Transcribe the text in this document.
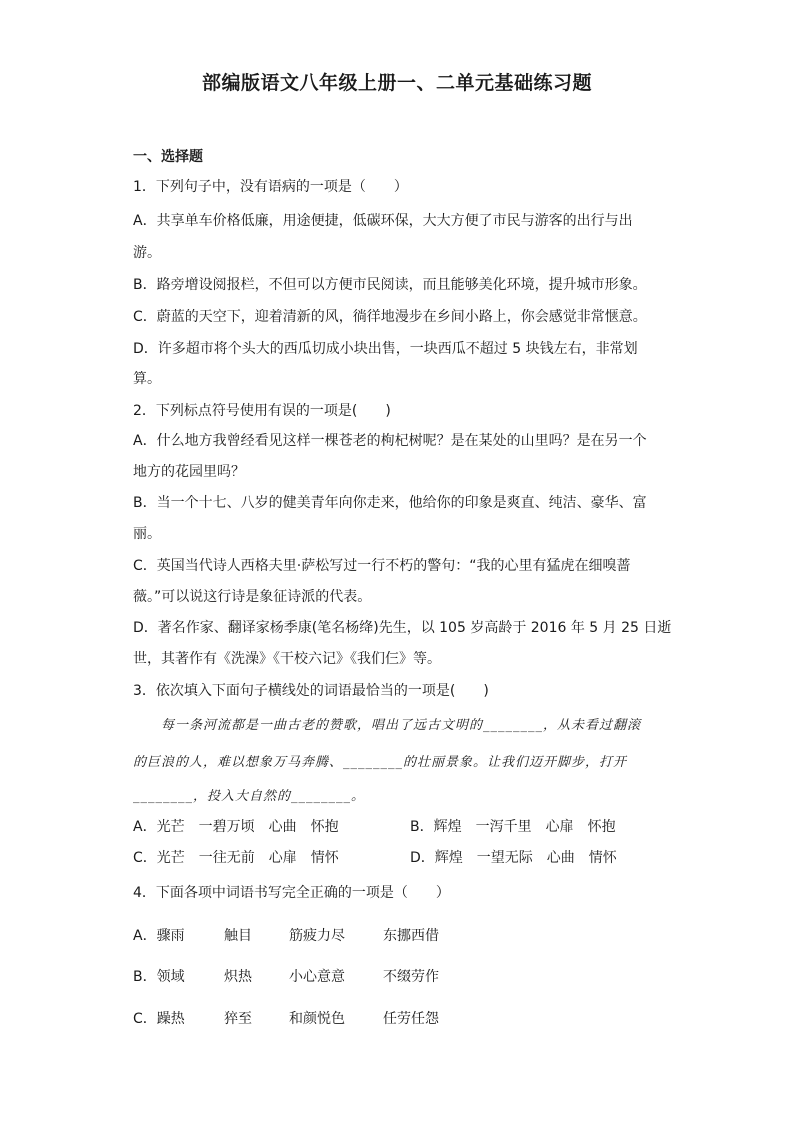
部编版语文八年级上册一、二单元基础练习题
一、选择题
1．下列句子中，没有语病的一项是（　　）
A．共享单车价格低廉，用途便捷，低碳环保，大大方便了市民与游客的出行与出
游。
B．路旁增设阅报栏，不但可以方便市民阅读，而且能够美化环境，提升城市形象。
C．蔚蓝的天空下，迎着清新的风，徜徉地漫步在乡间小路上，你会感觉非常惬意。
D．许多超市将个头大的西瓜切成小块出售，一块西瓜不超过 5 块钱左右，非常划
算。
2．下列标点符号使用有误的一项是(　　)
A．什么地方我曾经看见这样一棵苍老的枸杞树呢？是在某处的山里吗？是在另一个
地方的花园里吗？
B．当一个十七、八岁的健美青年向你走来，他给你的印象是爽直、纯洁、豪华、富
丽。
C．英国当代诗人西格夫里·萨松写过一行不朽的警句：“我的心里有猛虎在细嗅蔷
薇。”可以说这行诗是象征诗派的代表。
D．著名作家、翻译家杨季康(笔名杨绛)先生，以 105 岁高龄于 2016 年 5 月 25 日逝
世，其著作有《洗澡》《干校六记》《我们仨》等。
3．依次填入下面句子横线处的词语最恰当的一项是(　　)
每一条河流都是一曲古老的赞歌，唱出了远古文明的________，从未看过翻滚
的巨浪的人，难以想象万马奔腾、________的壮丽景象。让我们迈开脚步，打开
________，投入大自然的________。
A．光芒　一碧万顷　心曲　怀抱	B．辉煌　一泻千里　心扉　怀抱
C．光芒　一往无前　心扉　情怀	D．辉煌　一望无际　心曲　情怀
4．下面各项中词语书写完全正确的一项是（　　）
A．骤雨	触目	筋疲力尽	东挪西借
B．领域	炽热	小心意意	不缀劳作
C．躁热	猝至	和颜悦色	任劳任怨
